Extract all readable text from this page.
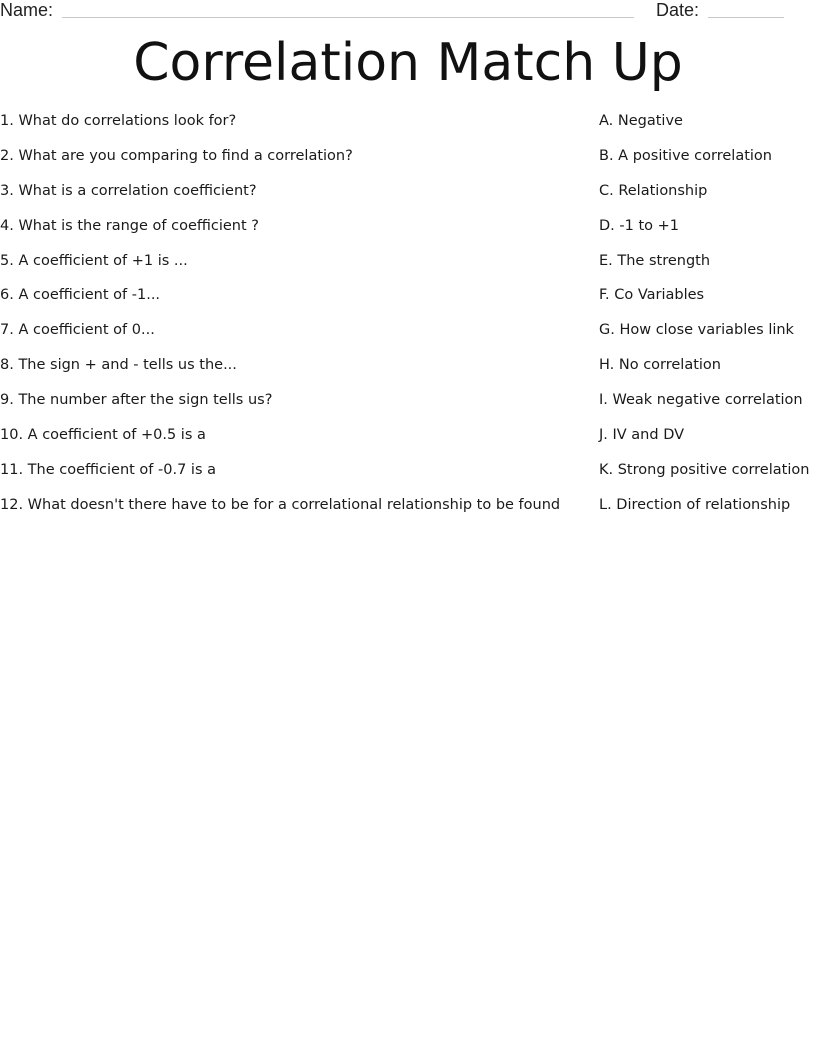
Name:	Date:
Correlation Match Up
1. What do correlations look for?
2. What are you comparing to find a correlation?
3. What is a correlation coefficient?
4. What is the range of coefficient ?
5. A coefficient of +1 is ...
6. A coefficient of -1...
7. A coefficient of 0...
8. The sign + and - tells us the...
9. The number after the sign tells us?
10. A coefficient of +0.5 is a
11. The coefficient of -0.7 is a
12. What doesn't there have to be for a correlational relationship to be found
A. Negative
B. A positive correlation
C. Relationship
D. -1 to +1
E. The strength
F. Co Variables
G. How close variables link
H. No correlation
I. Weak negative correlation
J. IV and DV
K. Strong positive correlation
L. Direction of relationship
